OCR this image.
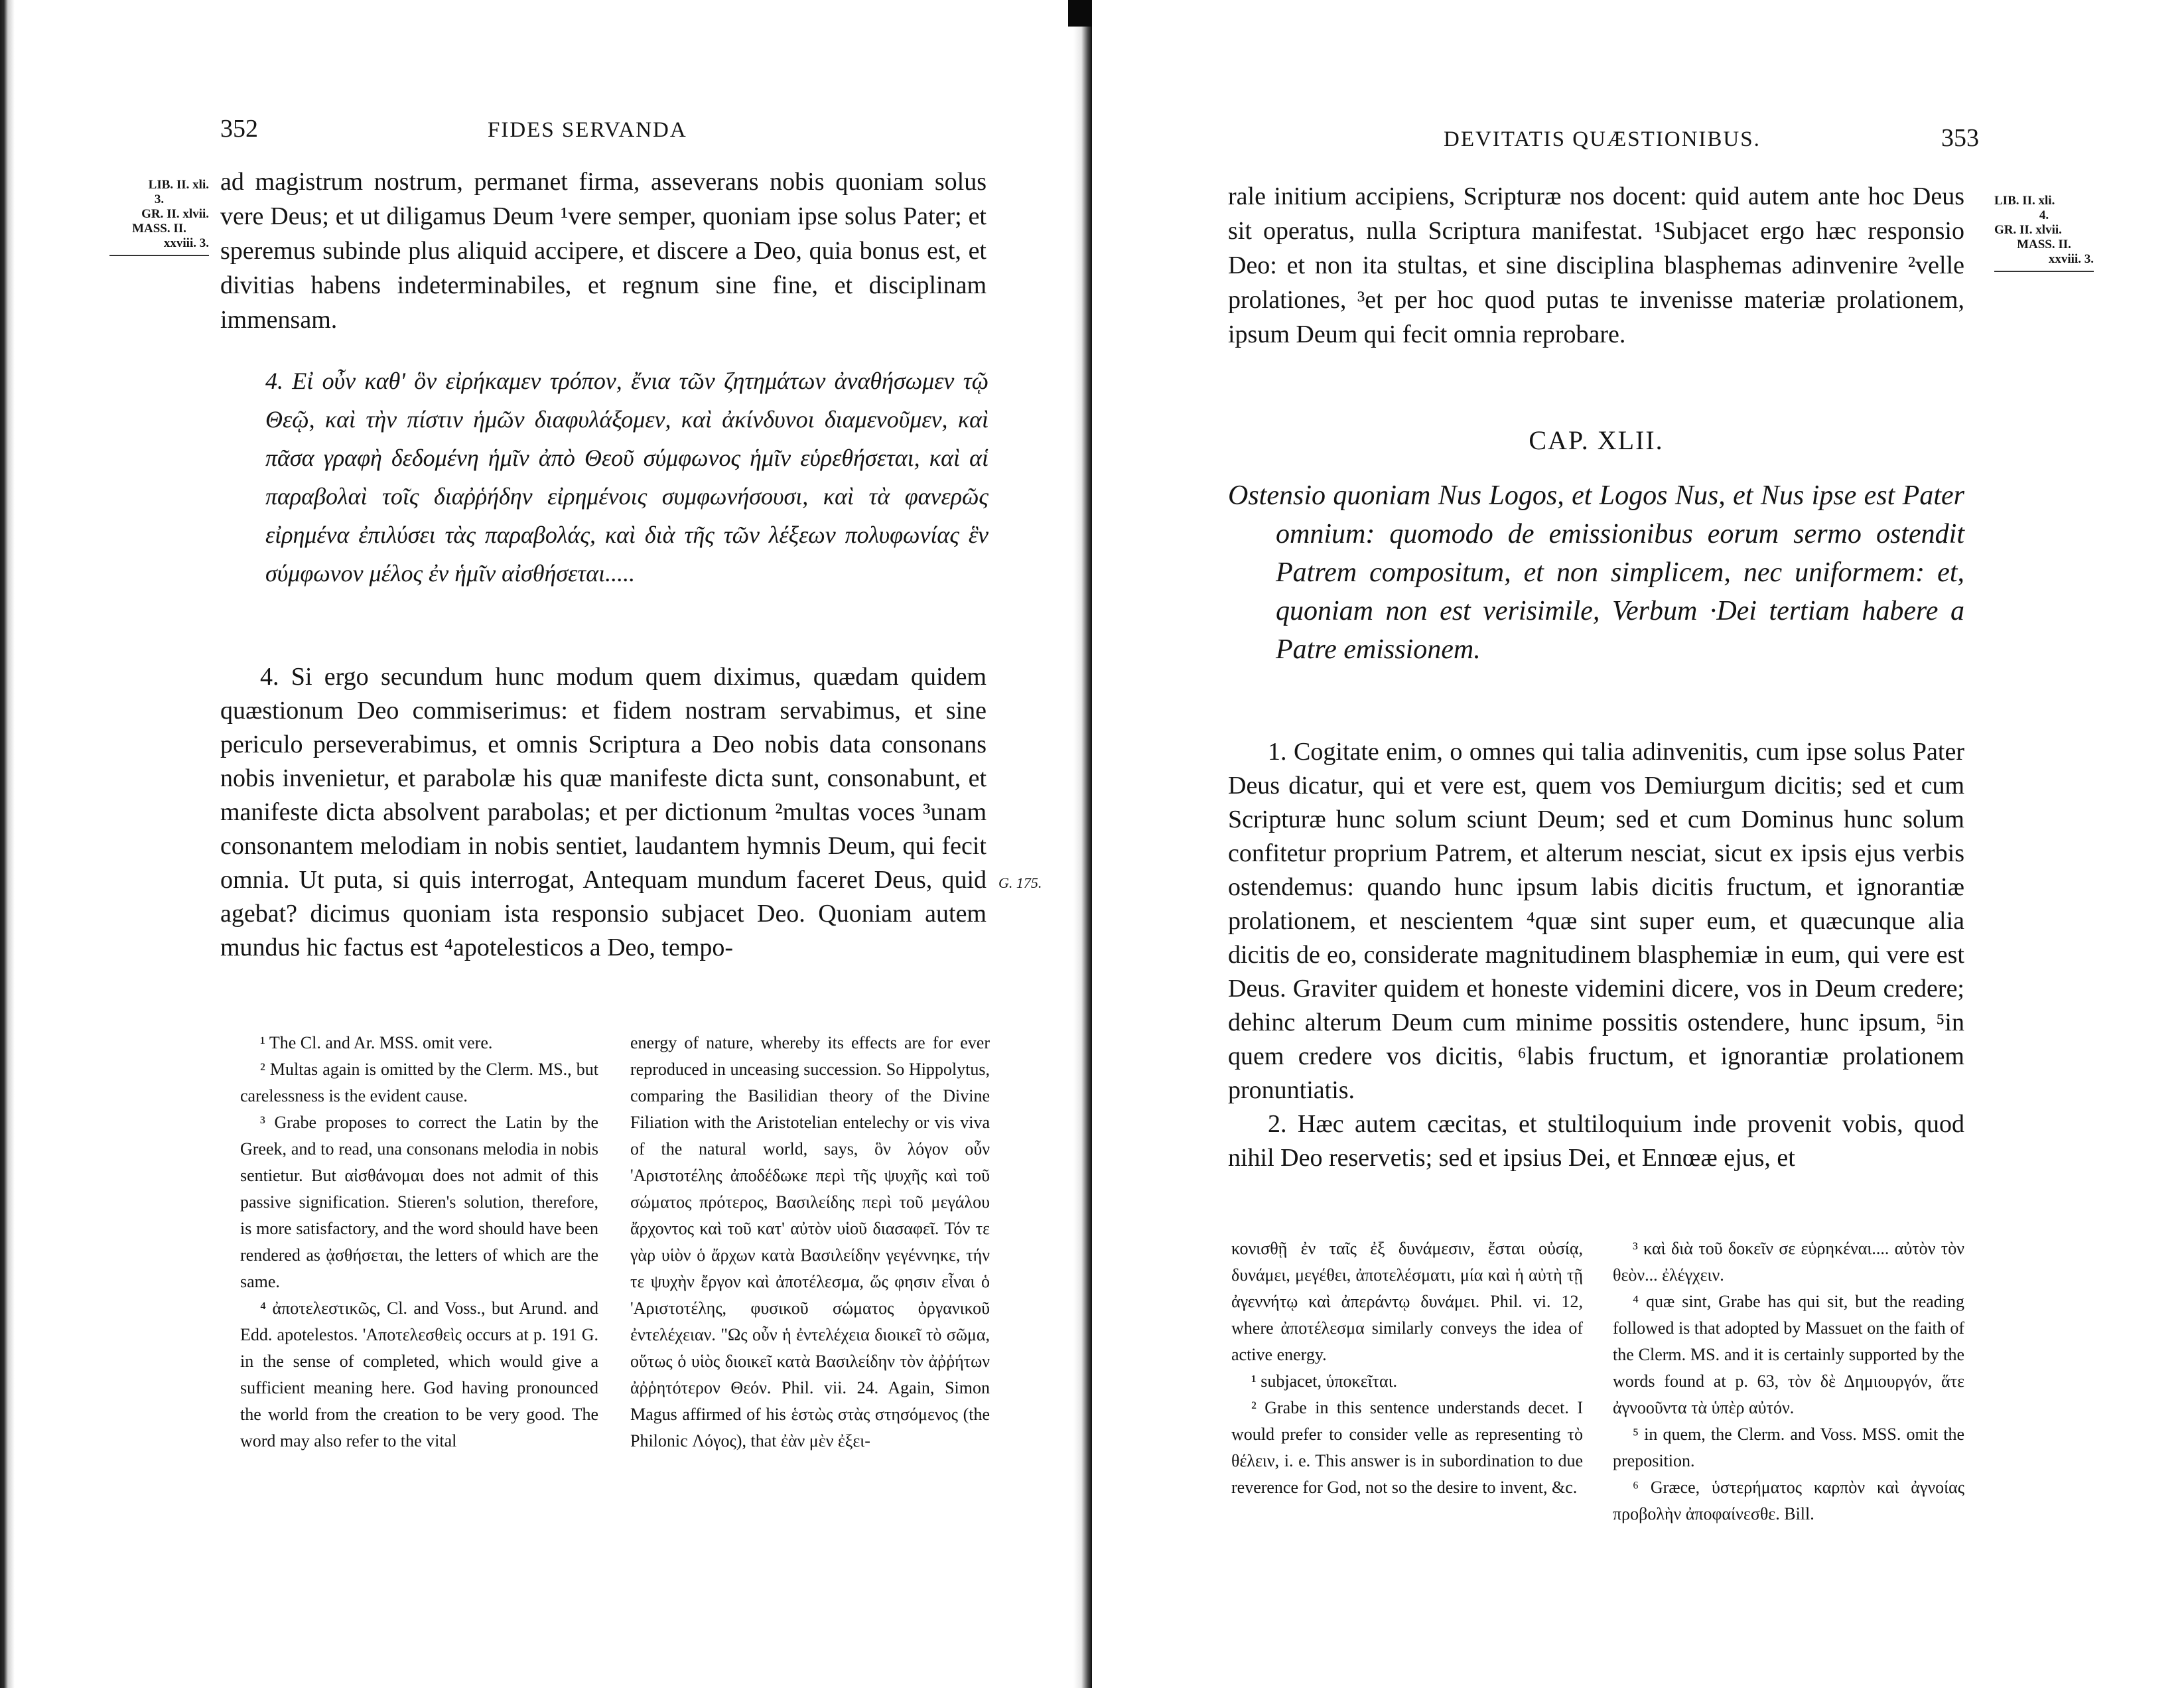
352	FIDES SERVANDA
LIB. II. xli.
3.
GR. II. xlvii.
MASS. II.
xxviii. 3.

ad magistrum nostrum, permanet firma, asseverans nobis quoniam solus vere Deus; et ut diligamus Deum ¹vere semper, quoniam ipse solus Pater; et speremus subinde plus aliquid accipere, et discere a Deo, quia bonus est, et divitias habens indeterminabiles, et regnum sine fine, et disciplinam immensam.

4. Εἰ οὖν καθ' ὃν εἰρήκαμεν τρόπον, ἔνια τῶν ζητημάτων ἀναθήσωμεν τῷ Θεῷ, καὶ τὴν πίστιν ἡμῶν διαφυλάξομεν, καὶ ἀκίνδυνοι διαμενοῦμεν, καὶ πᾶσα γραφὴ δεδομένη ἡμῖν ἀπὸ Θεοῦ σύμφωνος ἡμῖν εὑρεθήσεται, καὶ αἱ παραβολαὶ τοῖς διαῤῥήδην εἰρημένοις συμφωνήσουσι, καὶ τὰ φανερῶς εἰρημένα ἐπιλύσει τὰς παραβολάς, καὶ διὰ τῆς τῶν λέξεων πολυφωνίας ἓν σύμφωνον μέλος ἐν ἡμῖν αἰσθήσεται.....

4. Si ergo secundum hunc modum quem diximus, quædam quidem quæstionum Deo commiserimus: et fidem nostram servabimus, et sine periculo perseverabimus, et omnis Scriptura a Deo nobis data consonans nobis invenietur, et parabolæ his quæ manifeste dicta sunt, consonabunt, et manifeste dicta absolvent parabolas; et per dictionum ²multas voces ³unam consonantem melodiam in nobis sentiet, laudantem hymnis Deum, qui fecit omnia. Ut puta, si quis interrogat, Antequam mundum faceret Deus, quid agebat? dicimus quoniam ista responsio subjacet Deo. Quoniam autem mundus hic factus est ⁴apotelesticos a Deo, tempo-

G. 175.

¹ The Cl. and Ar. MSS. omit vere.

² Multas again is omitted by the Clerm. MS., but carelessness is the evident cause.

³ Grabe proposes to correct the Latin by the Greek, and to read, una consonans melodia in nobis sentietur. But αἰσθάνομαι does not admit of this passive signification. Stieren's solution, therefore, is more satisfactory, and the word should have been rendered as ᾀσθήσεται, the letters of which are the same.

⁴ ἀποτελεστικῶς, Cl. and Voss., but Arund. and Edd. apotelestos. 'Αποτελεσθεὶς occurs at p. 191 G. in the sense of completed, which would give a sufficient meaning here. God having pronounced the world from the creation to be very good. The word may also refer to the vital

energy of nature, whereby its effects are for ever reproduced in unceasing succession. So Hippolytus, comparing the Basilidian theory of the Divine Filiation with the Aristotelian entelechy or vis viva of the natural world, says, ὃν λόγον οὖν 'Αριστοτέλης ἀποδέδωκε περὶ τῆς ψυχῆς καὶ τοῦ σώματος πρότερος, Βασιλείδης περὶ τοῦ μεγάλου ἄρχοντος καὶ τοῦ κατ' αὐτὸν υἱοῦ διασαφεῖ. Τόν τε γὰρ υἱὸν ὁ ἄρχων κατὰ Βασιλείδην γεγέννηκε, τήν τε ψυχὴν ἔργον καὶ ἀποτέλεσμα, ὥς φησιν εἶναι ὁ 'Αριστοτέλης, φυσικοῦ σώματος ὀργανικοῦ ἐντελέχειαν. "Ως οὖν ἡ ἐντελέχεια διοικεῖ τὸ σῶμα, οὕτως ὁ υἱὸς διοικεῖ κατὰ Βασιλείδην τὸν ἀῤῥήτων ἀῤῥητότερον Θεόν. Phil. vii. 24. Again, Simon Magus affirmed of his ἑστὼς στὰς στησόμενος (the Philonic Λόγος), that ἐὰν μὲν ἐξει-

DEVITATIS QUÆSTIONIBUS.	353

rale initium accipiens, Scripturæ nos docent: quid autem ante hoc Deus sit operatus, nulla Scriptura manifestat. ¹Subjacet ergo hæc responsio Deo: et non ita stultas, et sine disciplina blasphemas adinvenire ²velle prolationes, ³et per hoc quod putas te invenisse materiæ prolationem, ipsum Deum qui fecit omnia reprobare.

LIB. II. xli.
4.
GR. II. xlvii.
MASS. II.
xxviii. 3.
CAP. XLII.
Ostensio quoniam Nus Logos, et Logos Nus, et Nus ipse est Pater omnium: quomodo de emissionibus eorum sermo ostendit Patrem compositum, et non simplicem, nec uniformem: et, quoniam non est verisimile, Verbum ·Dei tertiam habere a Patre emissionem.

1. Cogitate enim, o omnes qui talia adinvenitis, cum ipse solus Pater Deus dicatur, qui et vere est, quem vos Demiurgum dicitis; sed et cum Scripturæ hunc solum sciunt Deum; sed et cum Dominus hunc solum confitetur proprium Patrem, et alterum nesciat, sicut ex ipsis ejus verbis ostendemus: quando hunc ipsum labis dicitis fructum, et ignorantiæ prolationem, et nescientem ⁴quæ sint super eum, et quæcunque alia dicitis de eo, considerate magnitudinem blasphemiæ in eum, qui vere est Deus. Graviter quidem et honeste videmini dicere, vos in Deum credere; dehinc alterum Deum cum minime possitis ostendere, hunc ipsum, ⁵in quem credere vos dicitis, ⁶labis fructum, et ignorantiæ prolationem pronuntiatis.

2. Hæc autem cæcitas, et stultiloquium inde provenit vobis, quod nihil Deo reservetis; sed et ipsius Dei, et Ennœæ ejus, et

κονισθῇ ἐν ταῖς ἐξ δυνάμεσιν, ἔσται οὐσίᾳ, δυνάμει, μεγέθει, ἀποτελέσματι, μία καὶ ἡ αὐτὴ τῇ ἀγεννήτῳ καὶ ἀπεράντῳ δυνάμει. Phil. vi. 12, where ἀποτέλεσμα similarly conveys the idea of active energy.

¹ subjacet, ὑποκεῖται.

² Grabe in this sentence understands decet. I would prefer to consider velle as representing τὸ θέλειν, i. e. This answer is in subordination to due reverence for God, not so the desire to invent, &c.

³ καὶ διὰ τοῦ δοκεῖν σε εὑρηκέναι.... αὐτὸν τὸν θεὸν... ἐλέγχειν.

⁴ quæ sint, Grabe has qui sit, but the reading followed is that adopted by Massuet on the faith of the Clerm. MS. and it is certainly supported by the words found at p. 63, τὸν δὲ Δημιουργόν, ἅτε ἀγνοοῦντα τὰ ὑπὲρ αὐτόν.

⁵ in quem, the Clerm. and Voss. MSS. omit the preposition.

⁶ Græce, ὑστερήματος καρπὸν καὶ ἀγνοίας προβολὴν ἀποφαίνεσθε. Bill.
